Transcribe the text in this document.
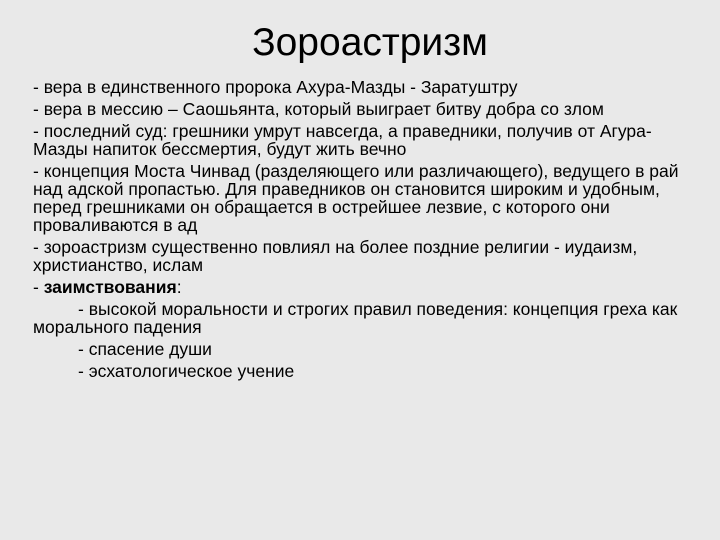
Зороастризм
- вера в единственного пророка Ахура-Мазды - Заратуштру
- вера в мессию – Саошьянта, который выиграет битву добра со злом
- последний суд: грешники умрут навсегда, а праведники, получив от Агура-Мазды напиток бессмертия, будут жить вечно
- концепция Моста Чинвад (разделяющего или различающего), ведущего в рай над адской пропастью. Для праведников он становится широким и удобным, перед грешниками он обращается в острейшее лезвие, с которого они проваливаются в ад
- зороастризм существенно повлиял на более поздние религии - иудаизм, христианство, ислам
- заимствования:
- высокой моральности и строгих правил поведения: концепция греха как морального падения
- спасение души
- эсхатологическое учение
